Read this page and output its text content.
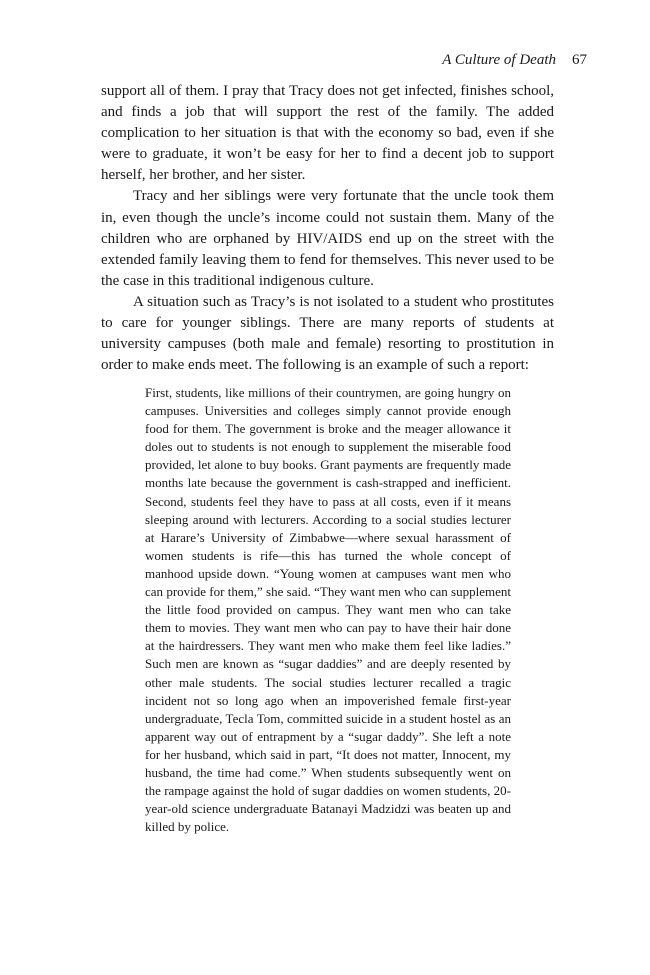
A Culture of Death 67

support all of them. I pray that Tracy does not get infected, finishes school, and finds a job that will support the rest of the family. The added complication to her situation is that with the economy so bad, even if she were to graduate, it won’t be easy for her to find a decent job to support herself, her brother, and her sister.

Tracy and her siblings were very fortunate that the uncle took them in, even though the uncle’s income could not sustain them. Many of the children who are orphaned by HIV/AIDS end up on the street with the extended family leaving them to fend for themselves. This never used to be the case in this traditional indigenous culture.

A situation such as Tracy’s is not isolated to a student who prostitutes to care for younger siblings. There are many reports of students at university campuses (both male and female) resorting to prostitution in order to make ends meet. The following is an example of such a report:

First, students, like millions of their countrymen, are going hungry on campuses. Universities and colleges simply cannot provide enough food for them. The government is broke and the meager allowance it doles out to students is not enough to supplement the miserable food provided, let alone to buy books. Grant payments are frequently made months late because the government is cash-strapped and inefficient. Second, students feel they have to pass at all costs, even if it means sleeping around with lecturers. According to a social studies lecturer at Harare’s University of Zimbabwe—where sexual harassment of women students is rife—this has turned the whole concept of manhood upside down. “Young women at campuses want men who can provide for them,” she said. “They want men who can supplement the little food provided on campus. They want men who can take them to movies. They want men who can pay to have their hair done at the hairdressers. They want men who make them feel like ladies.” Such men are known as “sugar daddies” and are deeply resented by other male students. The social studies lecturer recalled a tragic incident not so long ago when an impoverished female first-year undergraduate, Tecla Tom, committed suicide in a student hostel as an apparent way out of entrapment by a “sugar daddy”. She left a note for her husband, which said in part, “It does not matter, Innocent, my husband, the time had come.” When students subsequently went on the rampage against the hold of sugar daddies on women students, 20-year-old science undergraduate Batanayi Madzidzi was beaten up and killed by police.
